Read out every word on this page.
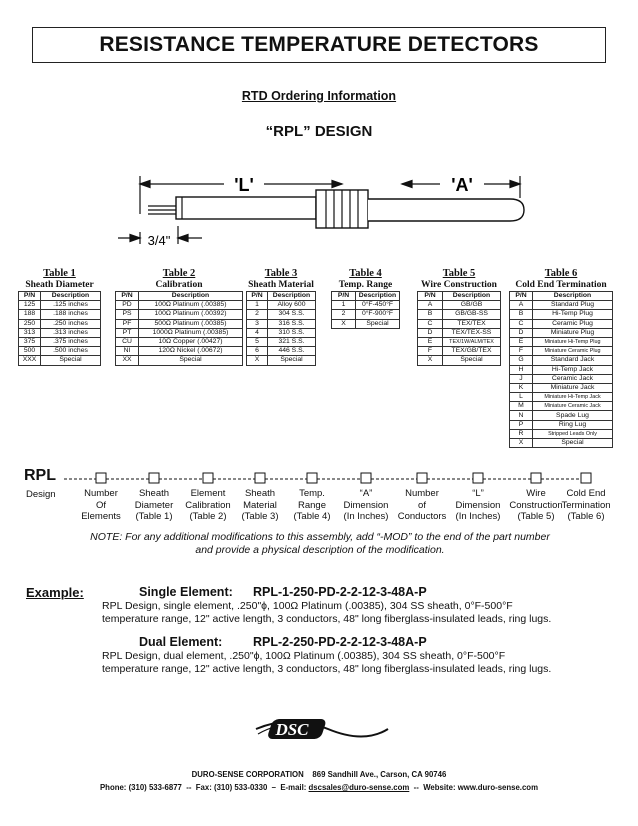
RESISTANCE TEMPERATURE DETECTORS
RTD Ordering Information
“RPL” DESIGN
'L'	'A'
3/4"
Table 1
Sheath Diameter
P/N	Description
125	.125 inches
188	.188 inches
250	.250 inches
313	.313 inches
375	.375 inches
500	.500 inches
XXX	Special
Table 2
Calibration
P/N	Description
PD	100Ω Platinum (.00385)
PS	100Ω Platinum (.00392)
PF	500Ω Platinum (.00385)
PT	1000Ω Platinum (.00385)
CU	10Ω Copper (.00427)
NI	120Ω Nickel (.00672)
XX	Special
Table 3
Sheath Material
P/N	Description
1	Alloy 600
2	304 S.S.
3	316 S.S.
4	310 S.S.
5	321 S.S.
6	446 S.S.
X	Special
Table 4
Temp. Range
P/N	Description
1	0°F-450°F
2	0°F-900°F
X	Special
Table 5
Wire Construction
P/N	Description
A	GB/GB
B	GB/GB-SS
C	TEX/TEX
D	TEX/TEX-SS
E	TEX/1W/ALM/TEX
F	TEX/GB/TEX
X	Special
Table 6
Cold End Termination
P/N	Description
A	Standard Plug
B	Hi-Temp Plug
C	Ceramic Plug
D	Miniature Plug
E	Miniature Hi-Temp Plug
F	Miniature Ceramic Plug
G	Standard Jack
H	Hi-Temp Jack
J	Ceramic Jack
K	Miniature Jack
L	Miniature Hi-Temp Jack
M	Miniature Ceramic Jack
N	Spade Lug
P	Ring Lug
R	Stripped Leads Only
X	Special
RPL
Design	Number
Of
Elements
Sheath
Diameter
(Table 1)
Element
Calibration
(Table 2)
Sheath
Material
(Table 3)
Temp.
Range
(Table 4)
“A”
Dimension
(In Inches)
Number
of
Conductors
“L”
Dimension
(In Inches)
Wire
Construction
(Table 5)
Cold End
Termination
(Table 6)
NOTE: For any additional modifications to this assembly, add “-MOD” to the end of the part number
and provide a physical description of the modification.
Example:	Single Element: RPL-1-250-PD-2-2-12-3-48A-P
RPL Design, single element, .250"ϕ, 100Ω Platinum (.00385), 304 SS sheath, 0°F-500°F
temperature range, 12" active length, 3 conductors, 48" long fiberglass-insulated leads, ring lugs.
Dual Element: RPL-2-250-PD-2-2-12-3-48A-P
RPL Design, dual element, .250"ϕ, 100Ω Platinum (.00385), 304 SS sheath, 0°F-500°F
temperature range, 12" active length, 3 conductors, 48" long fiberglass-insulated leads, ring lugs.
DSC
DURO-SENSE CORPORATION 869 Sandhill Ave., Carson, CA 90746
Phone: (310) 533-6877 -- Fax: (310) 533-0330 – E-mail: dscsales@duro-sense.com -- Website: www.duro-sense.com
